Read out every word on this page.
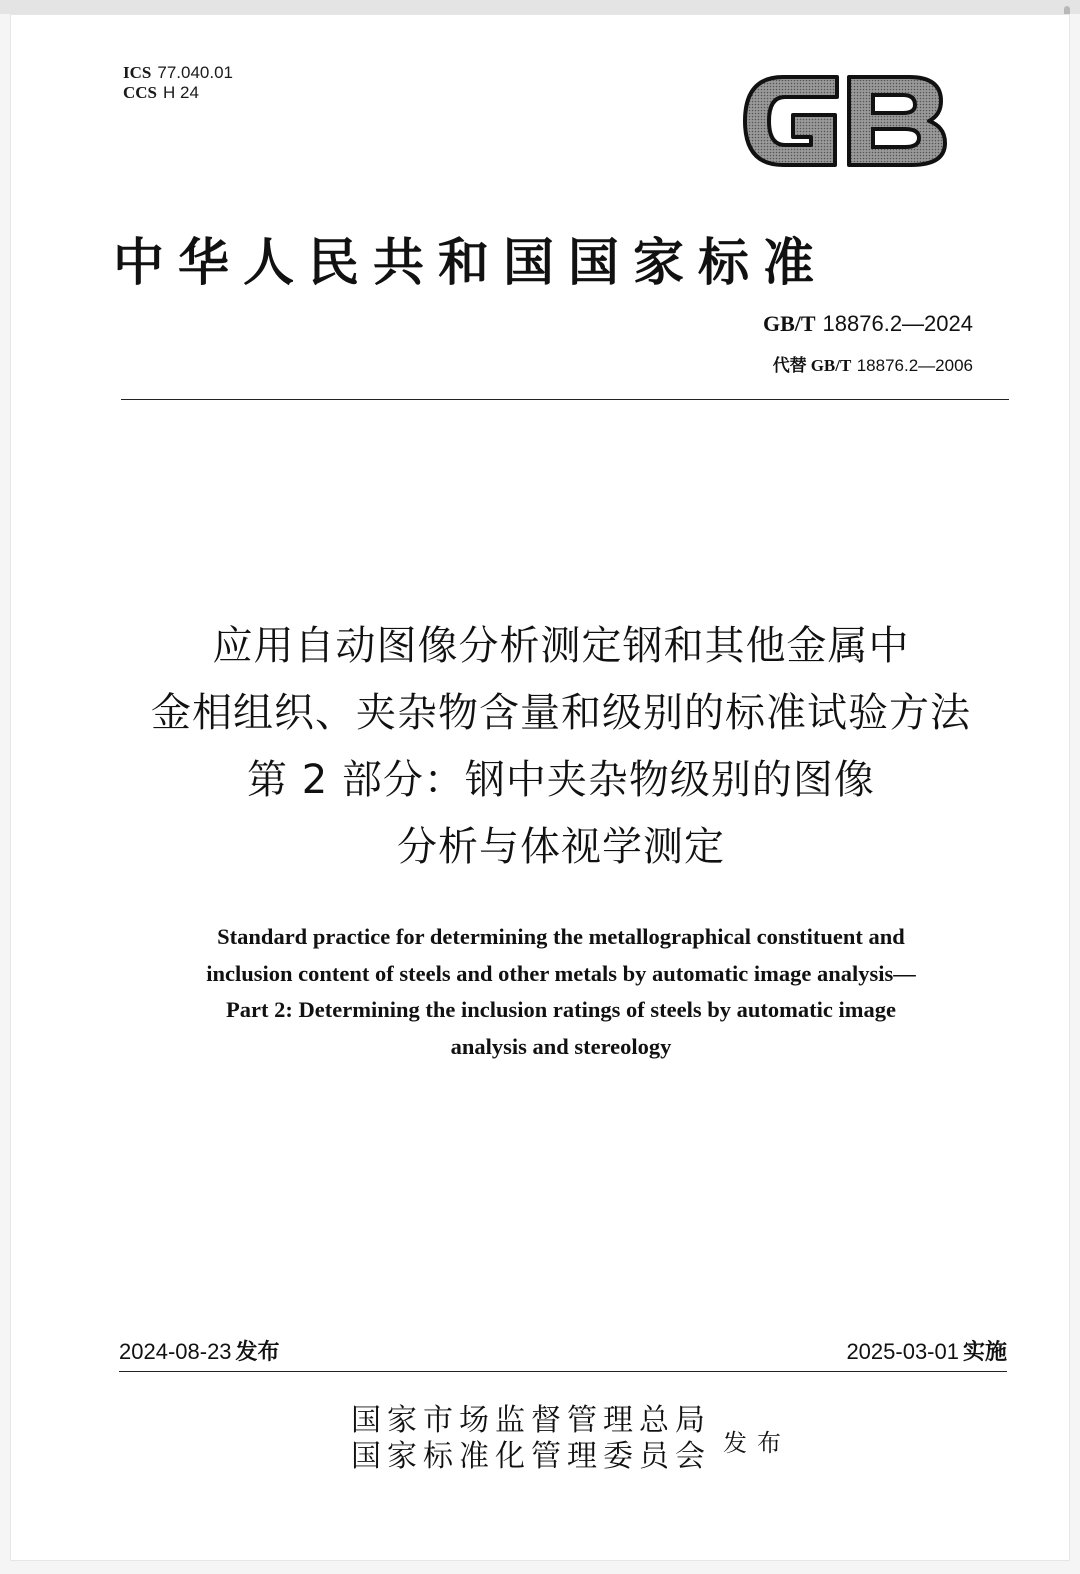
ICS 77.040.01
CCS H 24
中华人民共和国国家标准
GB/T 18876.2—2024
代替 GB/T 18876.2—2006
应用自动图像分析测定钢和其他金属中
金相组织、夹杂物含量和级别的标准试验方法
第 2 部分：钢中夹杂物级别的图像
分析与体视学测定
Standard practice for determining the metallographical constituent and
inclusion content of steels and other metals by automatic image analysis—
Part 2: Determining the inclusion ratings of steels by automatic image
analysis and stereology
2024-08-23 发布	2025-03-01 实施
国家市场监督管理总局
国家标准化管理委员会 发布
